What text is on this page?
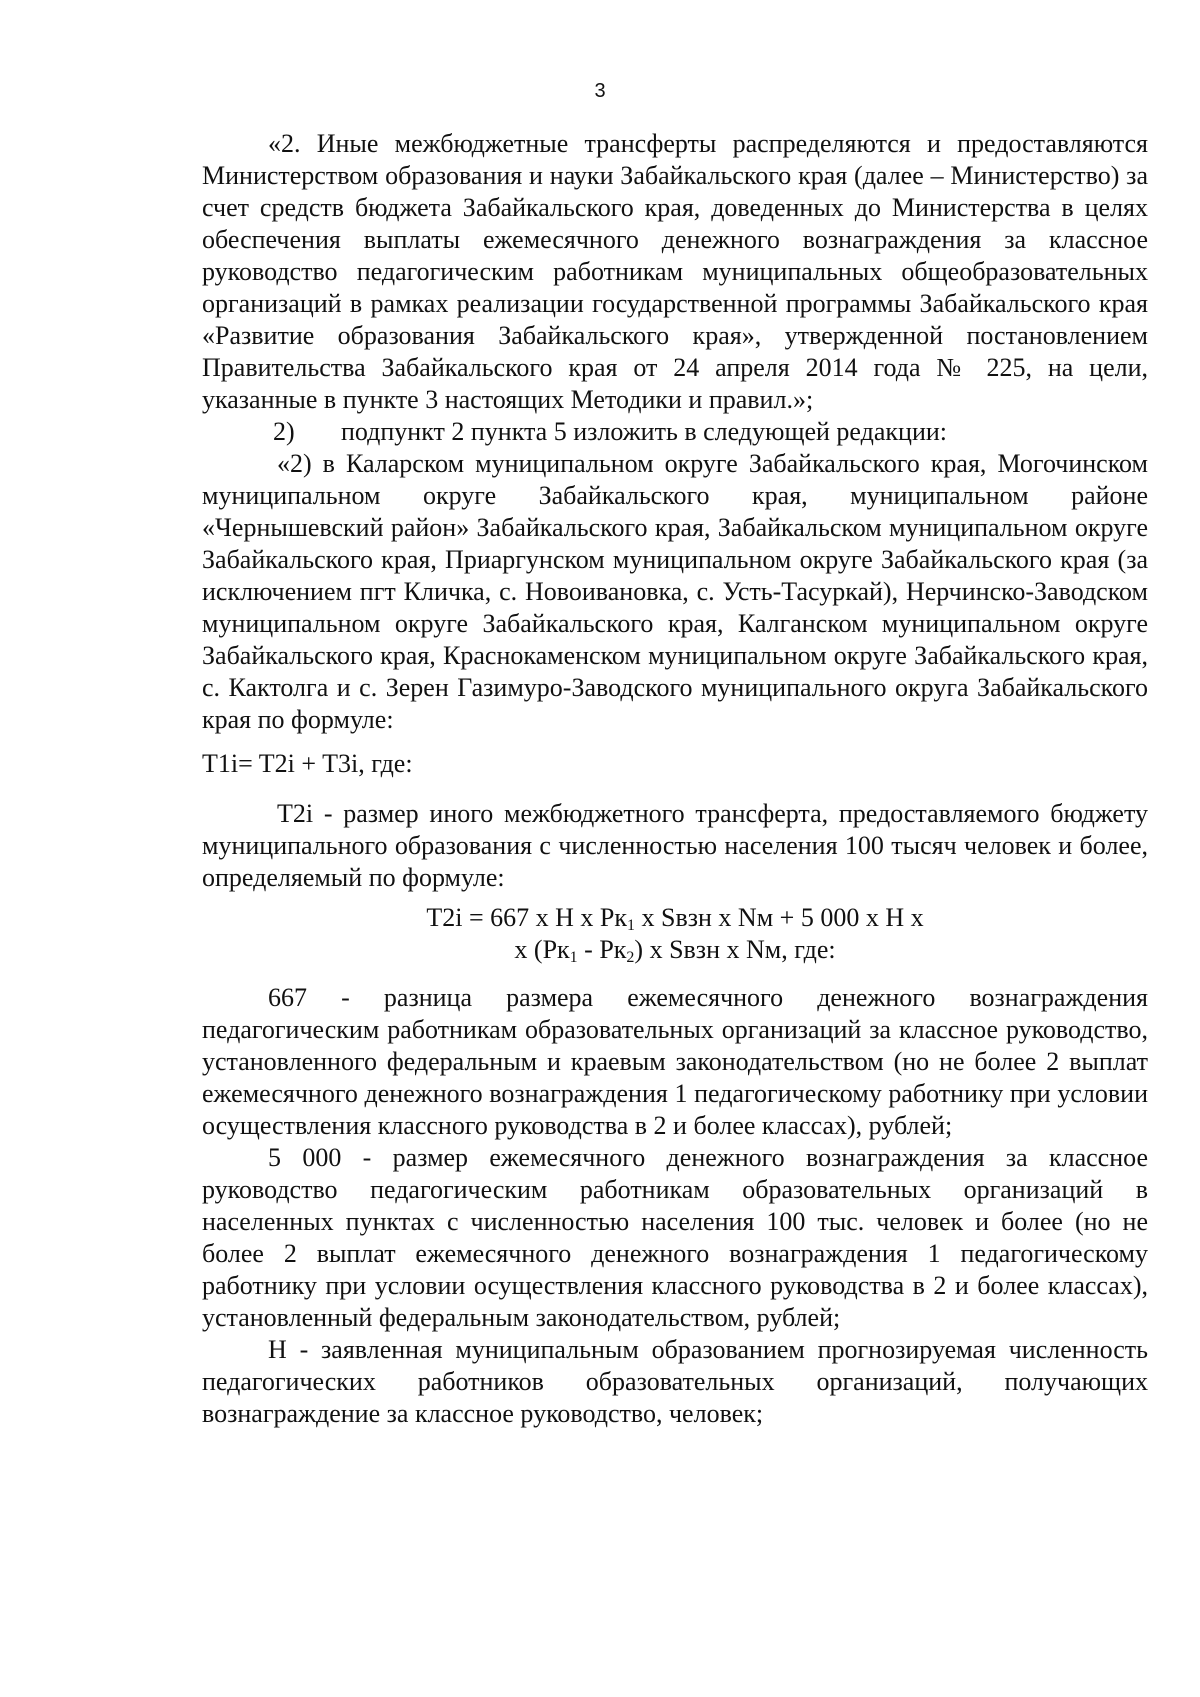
3

«2. Иные межбюджетные трансферты распределяются и предоставляются Министерством образования и науки Забайкальского края (далее – Министерство) за счет средств бюджета Забайкальского края, доведенных до Министерства в целях обеспечения выплаты ежемесячного денежного вознаграждения за классное руководство педагогическим работникам муниципальных общеобразовательных организаций в рамках реализации государственной программы Забайкальского края «Развитие образования Забайкальского края», утвержденной постановлением Правительства Забайкальского края от 24 апреля 2014 года № 225, на цели, указанные в пункте 3 настоящих Методики и правил.»;

2)	подпункт 2 пункта 5 изложить в следующей редакции:

«2) в Каларском муниципальном округе Забайкальского края, Могочинском муниципальном округе Забайкальского края, муниципальном районе «Чернышевский район» Забайкальского края, Забайкальском муниципальном округе Забайкальского края, Приаргунском муниципальном округе Забайкальского края (за исключением пгт Кличка, с. Новоивановка, с. Усть-Тасуркай), Нерчинско-Заводском муниципальном округе Забайкальского края, Калганском муниципальном округе Забайкальского края, Краснокаменском муниципальном округе Забайкальского края, с. Кактолга и с. Зерен Газимуро-Заводского муниципального округа Забайкальского края по формуле:

T1i= T2i + T3i, где:

T2i - размер иного межбюджетного трансферта, предоставляемого бюджету муниципального образования с численностью населения 100 тысяч человек и более, определяемый по формуле:

T2i = 667 x H x $Pк_1$ x Sвзн x Nм + 5 000 x H x
x $(Pк_1 - Pк_2)$ x Sвзн x Nм, где:

667 - разница размера ежемесячного денежного вознаграждения педагогическим работникам образовательных организаций за классное руководство, установленного федеральным и краевым законодательством (но не более 2 выплат ежемесячного денежного вознаграждения 1 педагогическому работнику при условии осуществления классного руководства в 2 и более классах), рублей;

5 000 - размер ежемесячного денежного вознаграждения за классное руководство педагогическим работникам образовательных организаций в населенных пунктах с численностью населения 100 тыс. человек и более (но не более 2 выплат ежемесячного денежного вознаграждения 1 педагогическому работнику при условии осуществления классного руководства в 2 и более классах), установленный федеральным законодательством, рублей;

H - заявленная муниципальным образованием прогнозируемая численность педагогических работников образовательных организаций, получающих вознаграждение за классное руководство, человек;
